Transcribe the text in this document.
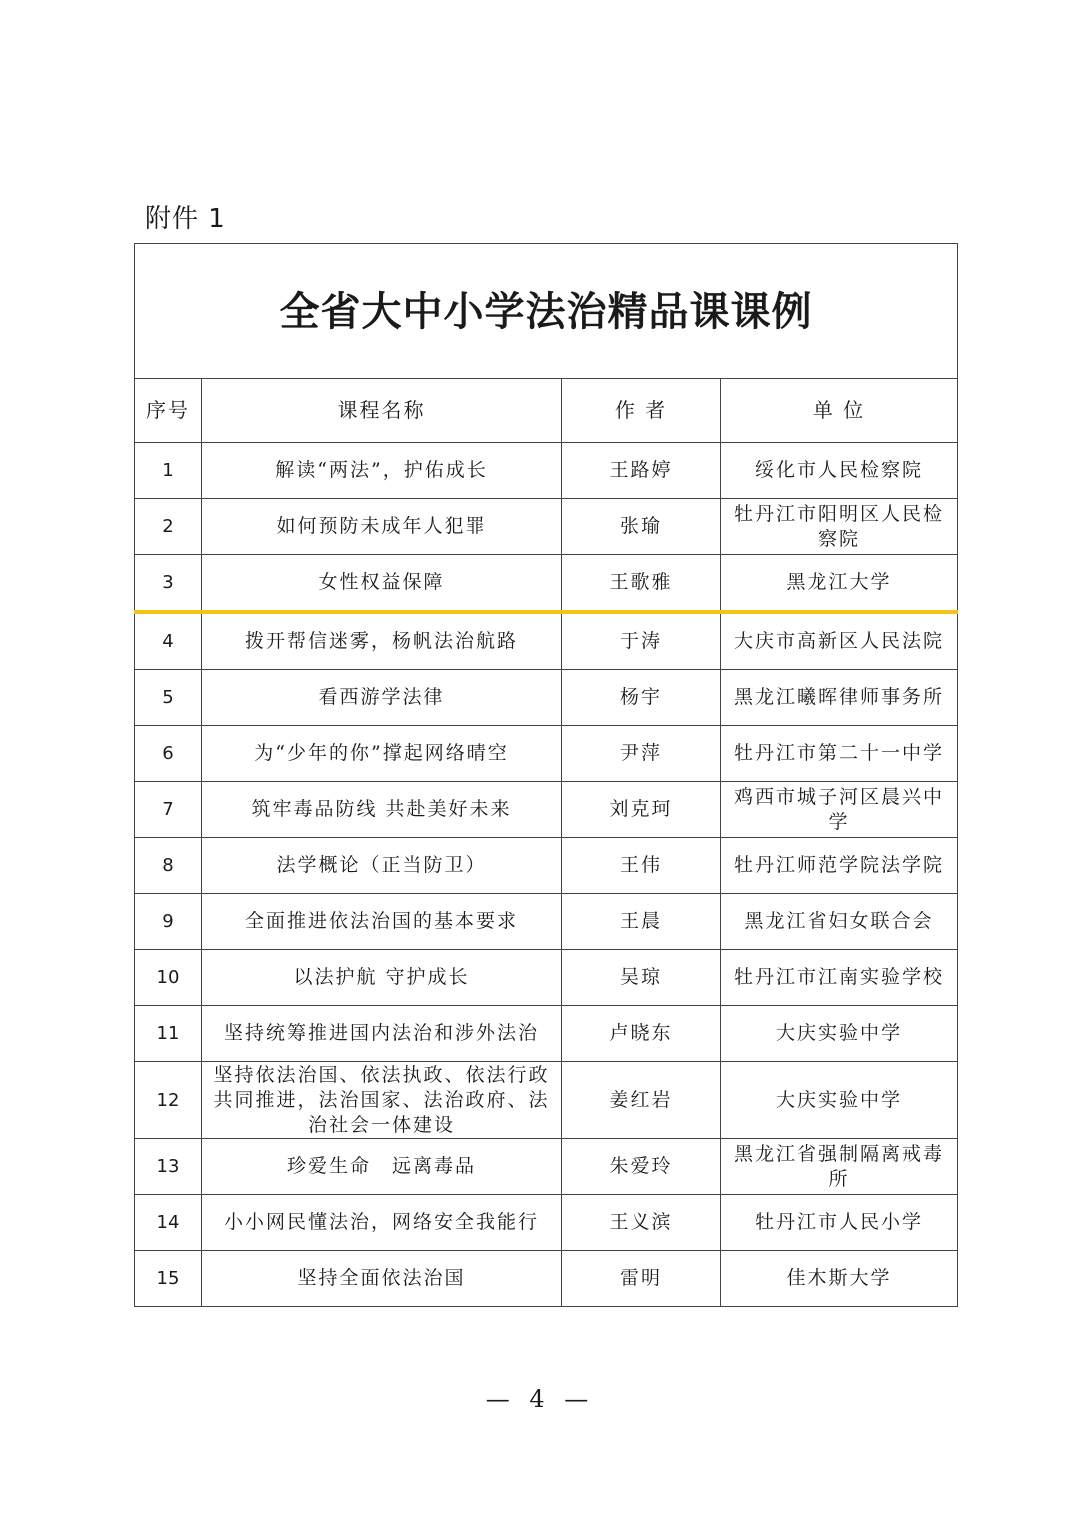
附件 1
全省大中小学法治精品课课例			
序号	课程名称	作 者	单 位
1	解读“两法”，护佑成长	王路婷	绥化市人民检察院
2	如何预防未成年人犯罪	张瑜	牡丹江市阳明区人民检察院
3	女性权益保障	王歌雅	黑龙江大学
4	拨开帮信迷雾，杨帆法治航路	于涛	大庆市高新区人民法院
5	看西游学法律	杨宇	黑龙江曦晖律师事务所
6	为“少年的你”撑起网络晴空	尹萍	牡丹江市第二十一中学
7	筑牢毒品防线 共赴美好未来	刘克珂	鸡西市城子河区晨兴中学
8	法学概论（正当防卫）	王伟	牡丹江师范学院法学院
9	全面推进依法治国的基本要求	王晨	黑龙江省妇女联合会
10	以法护航 守护成长	吴琼	牡丹江市江南实验学校
11	坚持统筹推进国内法治和涉外法治	卢晓东	大庆实验中学
12	坚持依法治国、依法执政、依法行政共同推进，法治国家、法治政府、法治社会一体建设	姜红岩	大庆实验中学
13	珍爱生命　远离毒品	朱爱玲	黑龙江省强制隔离戒毒所
14	小小网民懂法治，网络安全我能行	王义滨	牡丹江市人民小学
15	坚持全面依法治国	雷明	佳木斯大学
— 4 —
